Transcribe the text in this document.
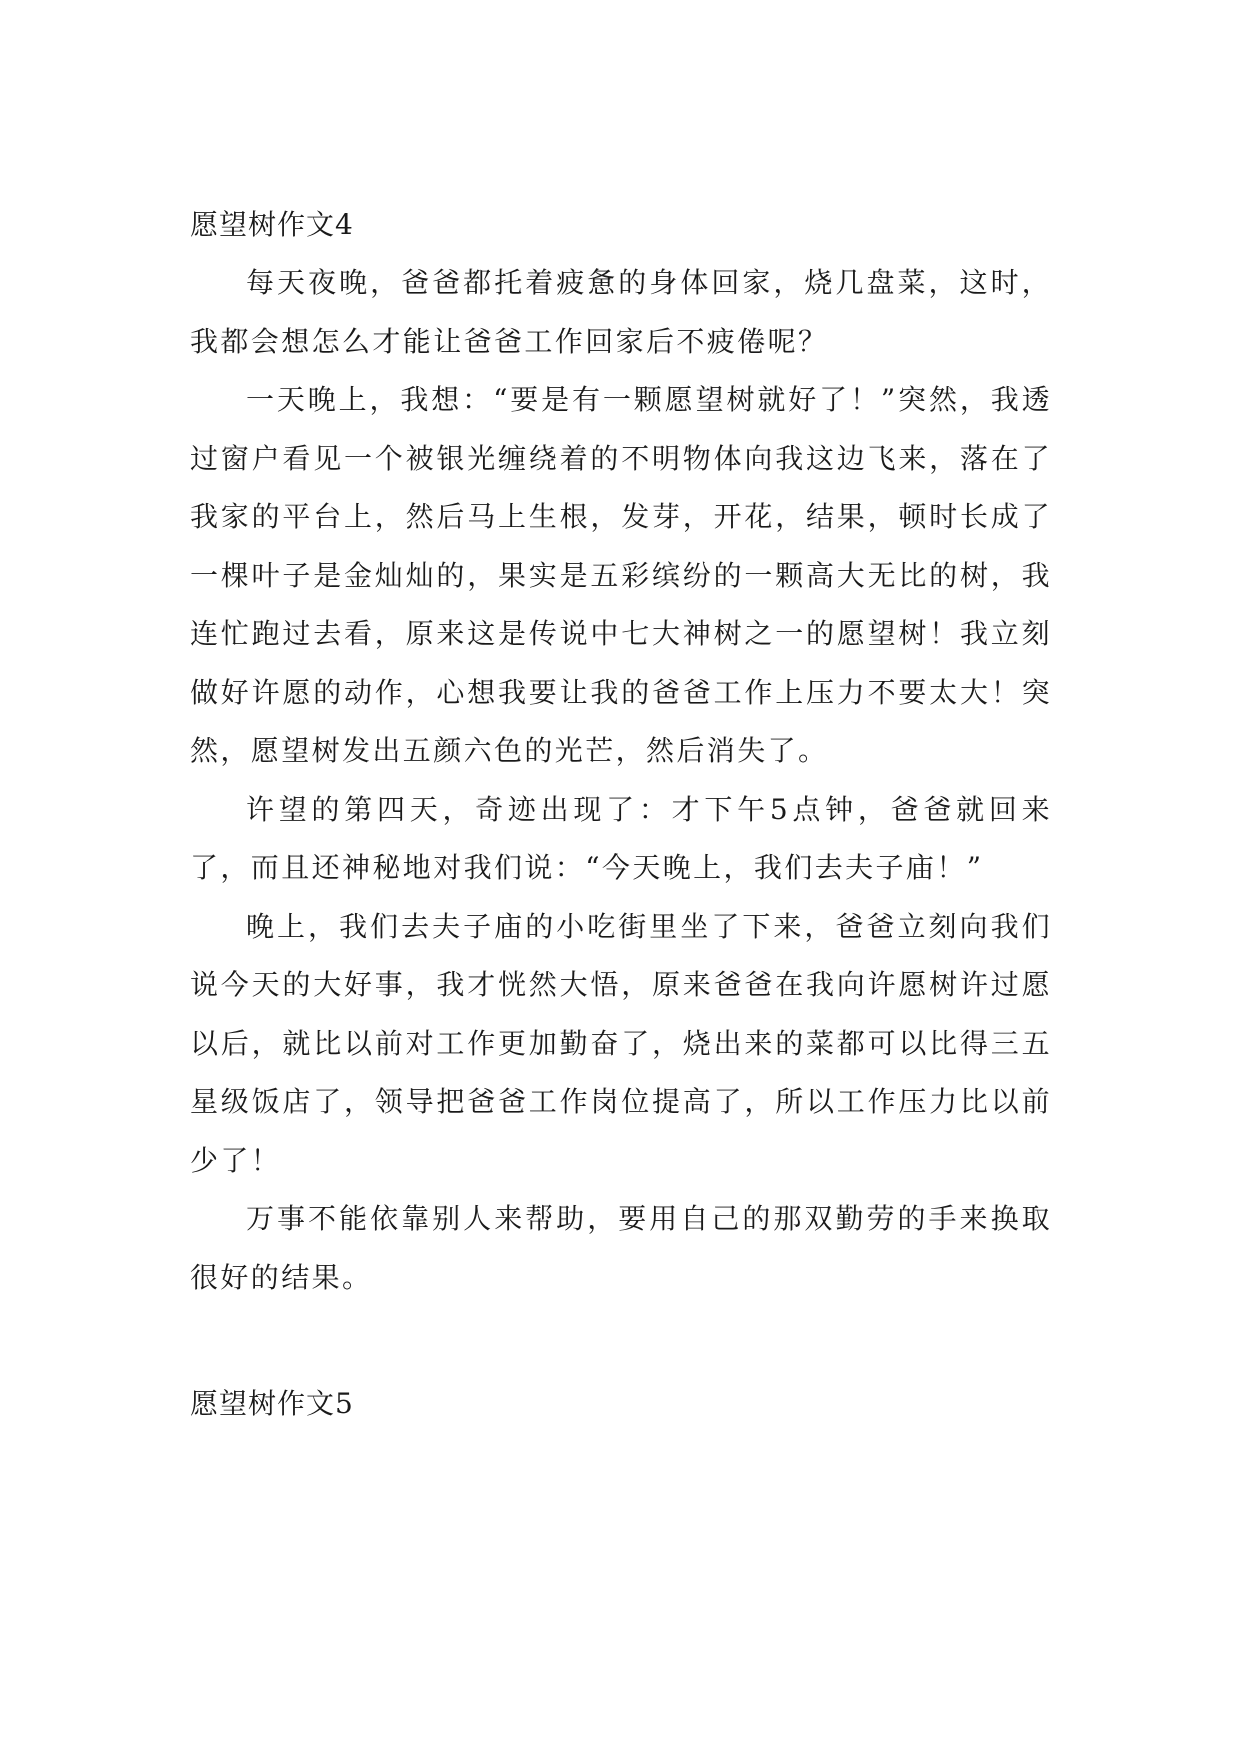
愿望树作文4

每天夜晚，爸爸都托着疲惫的身体回家，烧几盘菜，这时，我都会想怎么才能让爸爸工作回家后不疲倦呢？

一天晚上，我想：“要是有一颗愿望树就好了！”突然，我透过窗户看见一个被银光缠绕着的不明物体向我这边飞来，落在了我家的平台上，然后马上生根，发芽，开花，结果，顿时长成了一棵叶子是金灿灿的，果实是五彩缤纷的一颗高大无比的树，我连忙跑过去看，原来这是传说中七大神树之一的愿望树！我立刻做好许愿的动作，心想我要让我的爸爸工作上压力不要太大！突然，愿望树发出五颜六色的光芒，然后消失了。

许望的第四天，奇迹出现了：才下午5点钟，爸爸就回来了，而且还神秘地对我们说：“今天晚上，我们去夫子庙！”

晚上，我们去夫子庙的小吃街里坐了下来，爸爸立刻向我们说今天的大好事，我才恍然大悟，原来爸爸在我向许愿树许过愿以后，就比以前对工作更加勤奋了，烧出来的菜都可以比得三五星级饭店了，领导把爸爸工作岗位提高了，所以工作压力比以前少了！

万事不能依靠别人来帮助，要用自己的那双勤劳的手来换取很好的结果。

愿望树作文5
